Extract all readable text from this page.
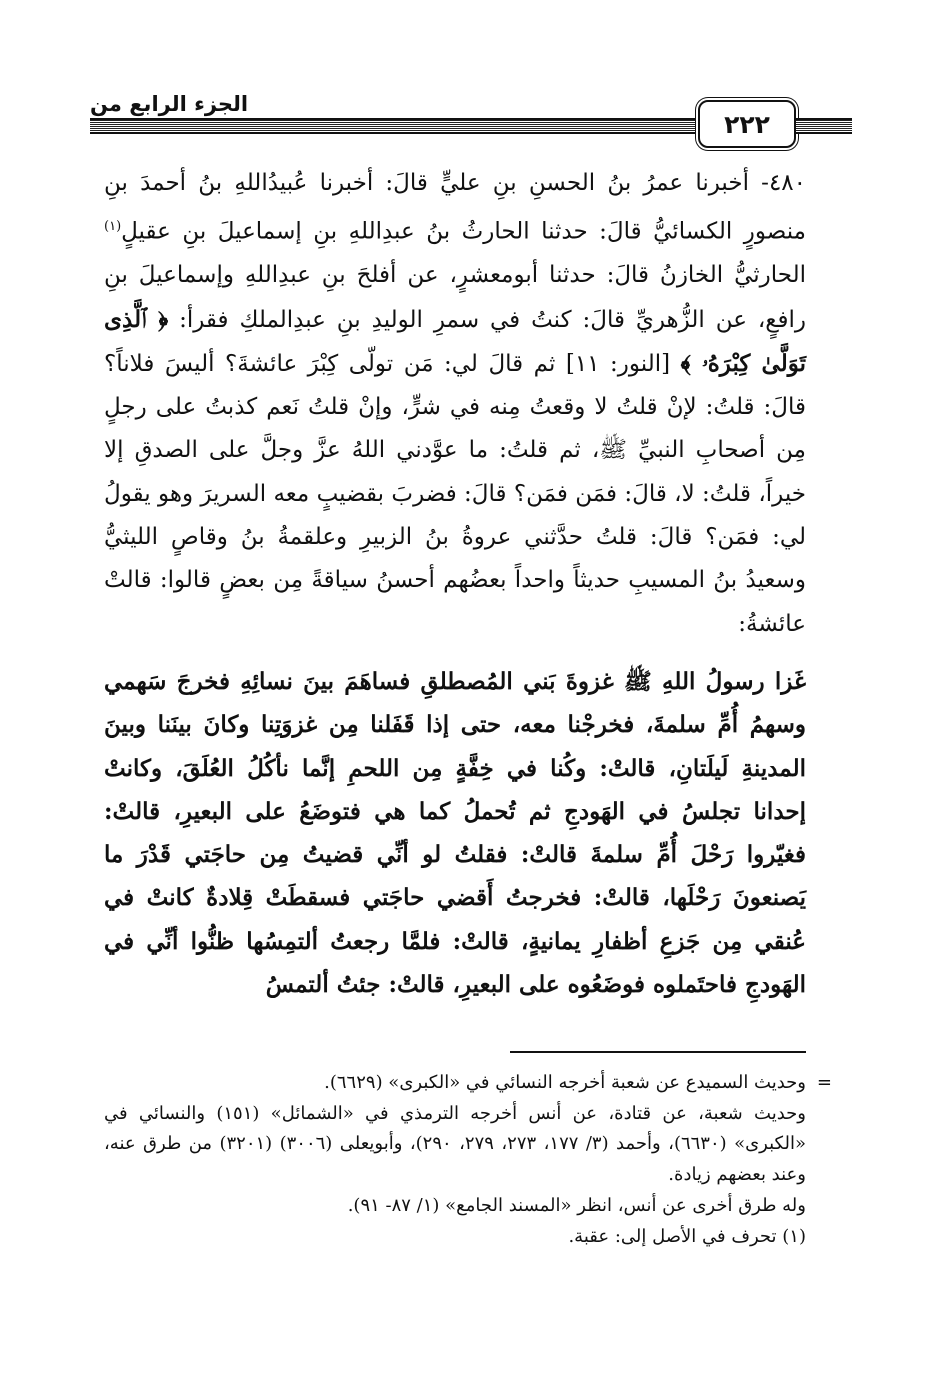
الجزء الرابع من
٢٢٢

٤٨٠- أخبرنا عمرُ بنُ الحسنِ بنِ عليٍّ قالَ: أخبرنا عُبيدُاللهِ بنُ أحمدَ بنِ منصورٍ الكسائيُّ قالَ: حدثنا الحارثُ بنُ عبدِاللهِ بنِ إسماعيلَ بنِ عقيلٍ$^{(١)}$ الحارثيُّ الخازنُ قالَ: حدثنا أبومعشرٍ، عن أفلحَ بنِ عبدِاللهِ وإسماعيلَ بنِ رافعٍ، عن الزُّهريِّ قالَ: كنتُ في سمرِ الوليدِ بنِ عبدِالملكِ فقرأ: ﴿ ٱلَّذِى تَوَلَّىٰ كِبْرَهُۥ ﴾ [النور: ١١] ثم قالَ لي: مَن تولّى كِبْرَ عائشةَ؟ أليسَ فلاناً؟ قالَ: قلتُ: لإنْ قلتُ لا وقعتُ مِنه في شرٍّ، وإنْ قلتُ نَعم كذبتُ على رجلٍ مِن أصحابِ النبيِّ ﷺ، ثم قلتُ: ما عوَّدني اللهُ عزَّ وجلَّ على الصدقِ إلا خيراً، قلتُ: لا، قالَ: فمَن فمَن؟ قالَ: فضربَ بقضيبٍ معه السريرَ وهو يقولُ لي: فمَن؟ قالَ: قلتُ حدَّثني عروةُ بنُ الزبيرِ وعلقمةُ بنُ وقاصٍ الليثيُّ وسعيدُ بنُ المسيبِ حديثاً واحداً بعضُهم أحسنُ سياقةً مِن بعضٍ قالوا: قالتْ عائشةُ:

غَزا رسولُ اللهِ ﷺ غزوةَ بَني المُصطلقِ فساهَمَ بينَ نسائِهِ فخرجَ سَهمي وسهمُ أُمِّ سلمةَ، فخرجْنا معه، حتى إذا قَفَلنا مِن غزوَتِنا وكانَ بينَنا وبينَ المدينةِ لَيلَتانِ، قالتْ: وكُنا في خِفَّةٍ مِن اللحمِ إنَّما نأكُلُ العُلَقَ، وكانتْ إحدانا تجلسُ في الهَودجِ ثم تُحملُ كما هي فتوضَعُ على البعيرِ، قالتْ: فغيّروا رَحْلَ أُمِّ سلمةَ قالتْ: فقلتُ لو أنِّي قضيتُ مِن حاجَتي قَدْرَ ما يَصنعونَ رَحْلَها، قالتْ: فخرجتُ أَقضي حاجَتي فسقطَتْ قِلادةٌ كانتْ في عُنقي مِن جَزعِ أظفارِ يمانيةٍ، قالتْ: فلمَّا رجعتُ ألتمِسُها ظنُّوا أنِّي في الهَودجِ فاحتَملوه فوضَعُوه على البعيرِ، قالتْ: جئتُ ألتمسُ

=
وحديث السميدع عن شعبة أخرجه النسائي في «الكبرى» (٦٦٢٩).

وحديث شعبة، عن قتادة، عن أنس أخرجه الترمذي في «الشمائل» (١٥١) والنسائي في «الكبرى» (٦٦٣٠)، وأحمد (٣/ ١٧٧، ٢٧٣، ٢٧٩، ٢٩٠)، وأبويعلى (٣٠٠٦) (٣٢٠١) من طرق عنه، وعند بعضهم زيادة.

وله طرق أخرى عن أنس، انظر «المسند الجامع» (١/ ٨٧- ٩١).

(١) تحرف في الأصل إلى: عقبة.
